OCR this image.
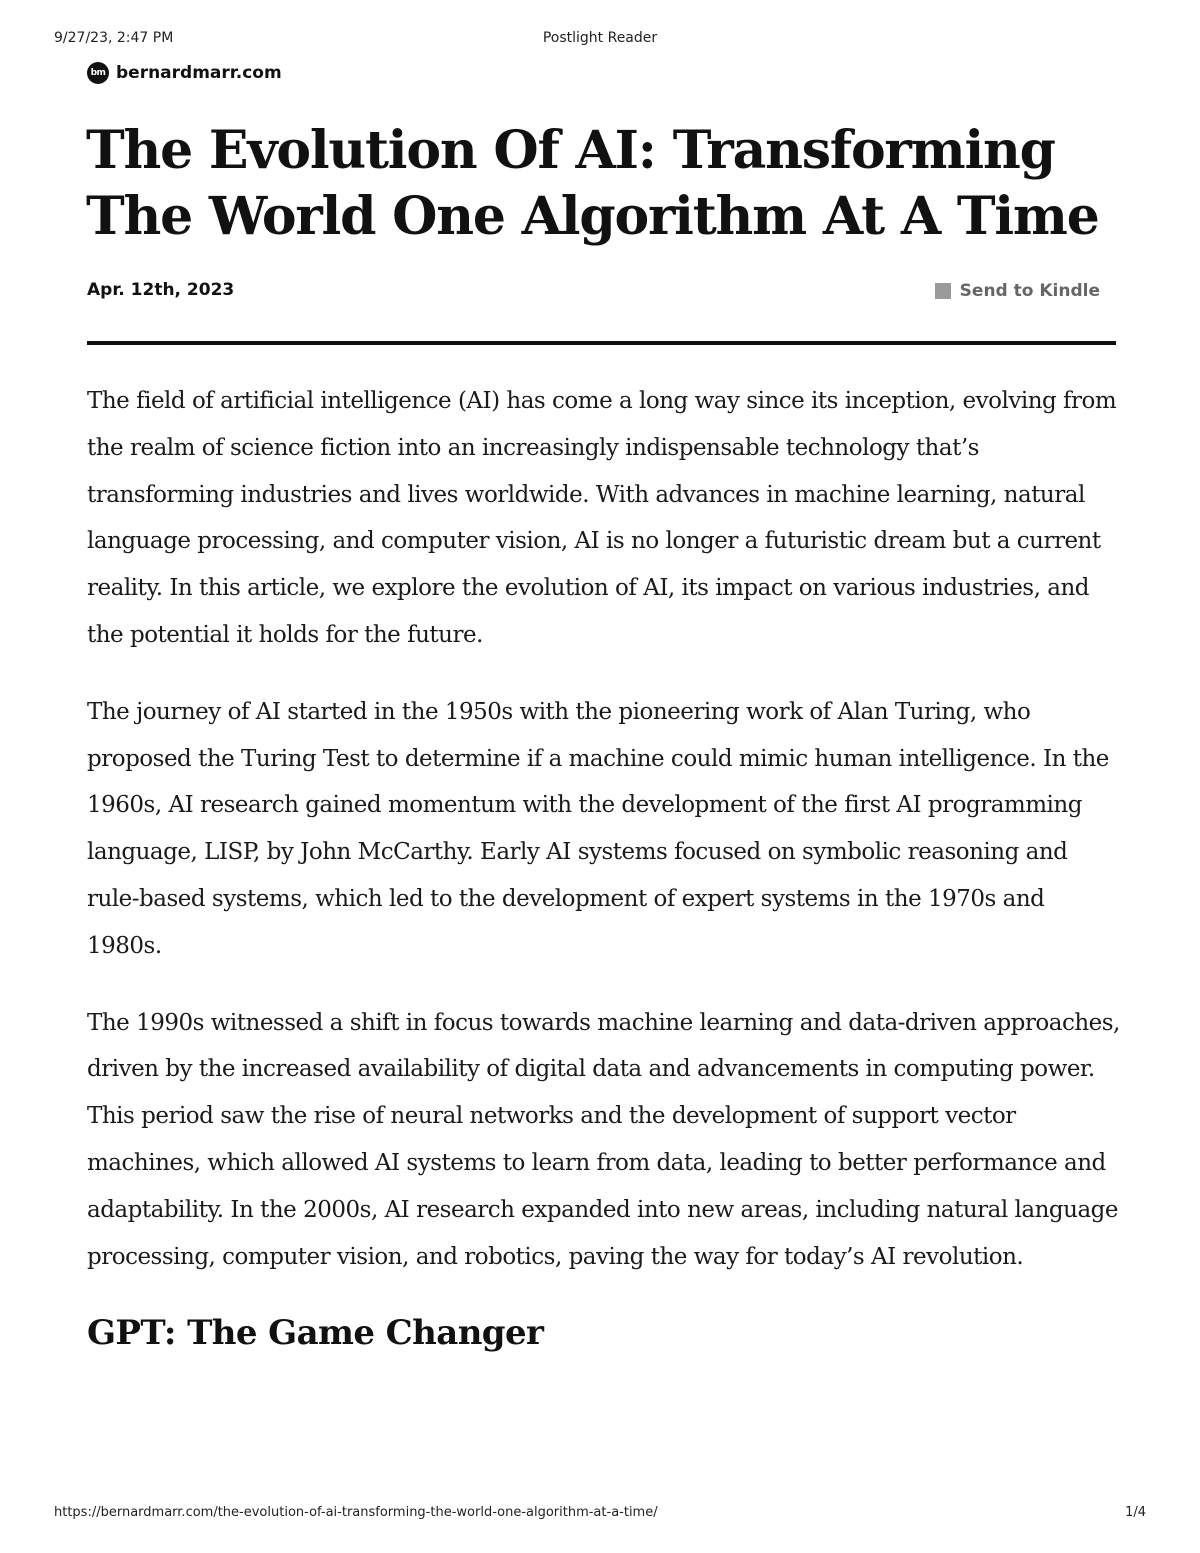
9/27/23, 2:47 PM	Postlight Reader
bm bernardmarr.com
The Evolution Of AI: Transforming The World One Algorithm At A Time
Apr. 12th, 2023	Send to Kindle

The field of artificial intelligence (AI) has come a long way since its inception, evolving from the realm of science fiction into an increasingly indispensable technology that’s transforming industries and lives worldwide. With advances in machine learning, natural language processing, and computer vision, AI is no longer a futuristic dream but a current reality. In this article, we explore the evolution of AI, its impact on various industries, and the potential it holds for the future.

The journey of AI started in the 1950s with the pioneering work of Alan Turing, who proposed the Turing Test to determine if a machine could mimic human intelligence. In the 1960s, AI research gained momentum with the development of the first AI programming language, LISP, by John McCarthy. Early AI systems focused on symbolic reasoning and rule-based systems, which led to the development of expert systems in the 1970s and 1980s.

The 1990s witnessed a shift in focus towards machine learning and data-driven approaches, driven by the increased availability of digital data and advancements in computing power. This period saw the rise of neural networks and the development of support vector machines, which allowed AI systems to learn from data, leading to better performance and adaptability. In the 2000s, AI research expanded into new areas, including natural language processing, computer vision, and robotics, paving the way for today’s AI revolution.

GPT: The Game Changer
https://bernardmarr.com/the-evolution-of-ai-transforming-the-world-one-algorithm-at-a-time/	1/4
